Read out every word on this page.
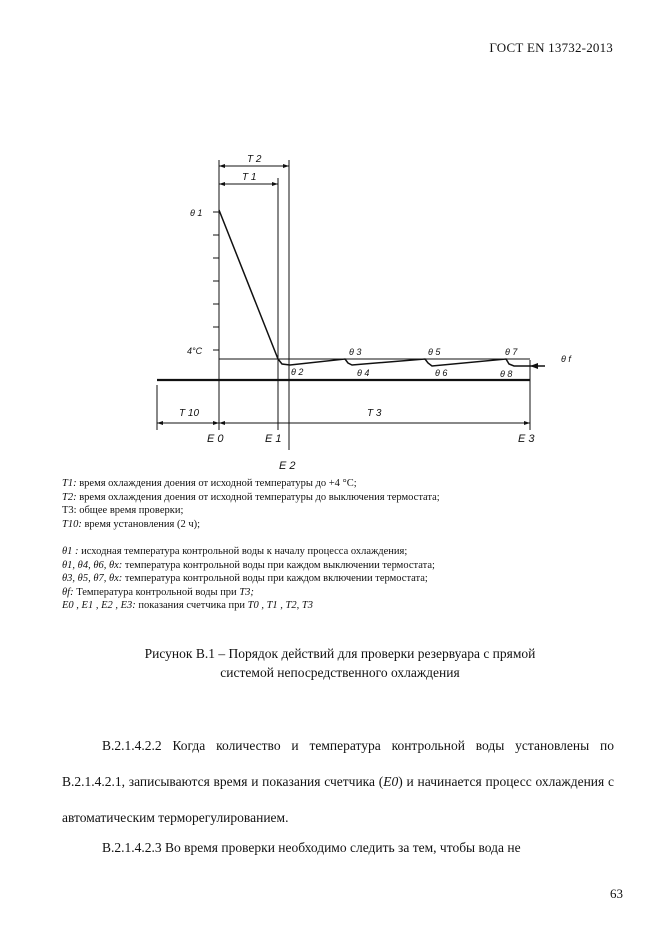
ГОСТ EN 13732-2013
T 2
T 1
θ 1
4°C
θ 2
θ 3
θ 4
θ 5
θ 6
θ 7
θ 8
θ f
T 10	T 3
E 0	E 1
E 2
E 3
T1: время охлаждения доения от исходной температуры до +4 °C;
T2: время охлаждения доения от исходной температуры до выключения термостата;
T3: общее время проверки;
T10: время установления (2 ч);
θ1 : исходная температура контрольной воды к началу процесса охлаждения;
θ1, θ4, θ6, θx: температура контрольной воды при каждом выключении термостата;
θ3, θ5, θ7, θx: температура контрольной воды при каждом включении термостата;
θf: Температура контрольной воды при T3;
E0 , E1 , E2 , E3: показания счетчика при T0 , T1 , T2, T3
Рисунок В.1 – Порядок действий для проверки резервуара с прямой
системой непосредственного охлаждения
В.2.1.4.2.2 Когда количество и температура контрольной воды установлены по В.2.1.4.2.1, записываются время и показания счетчика (E0) и начинается процесс охлаждения с автоматическим терморегулированием.
В.2.1.4.2.3 Во время проверки необходимо следить за тем, чтобы вода не
63
